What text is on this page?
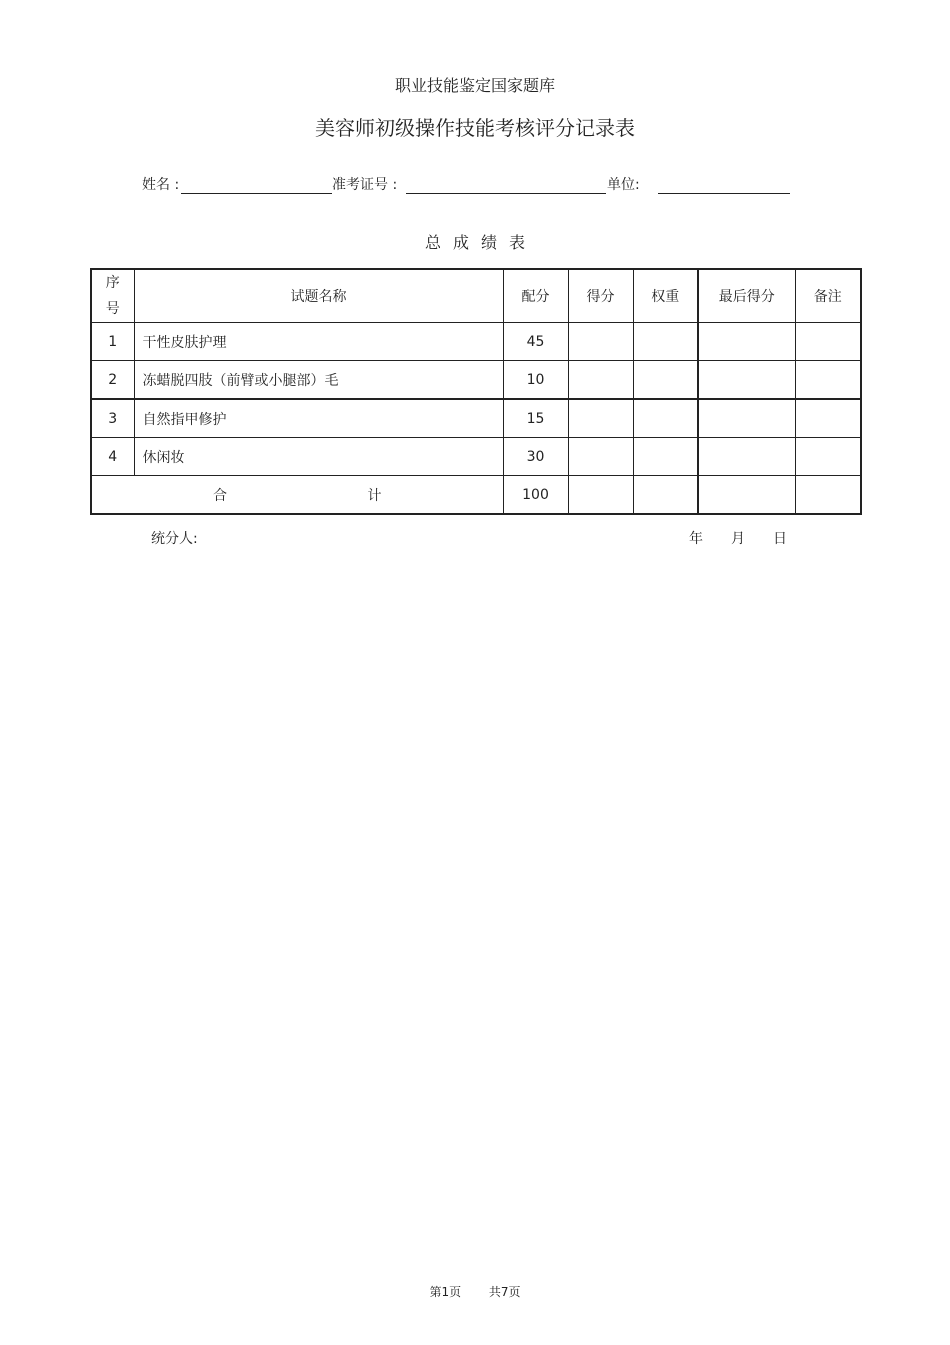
职业技能鉴定国家题库
美容师初级操作技能考核评分记录表
姓名 :	准考证号 :	单位:
总成绩表
序
号	试题名称	配分	得分	权重	最后得分	备注
1	干性皮肤护理	45				
2	冻蜡脱四肢（前臂或小腿部）毛	10				
3	自然指甲修护	15				
4	休闲妆	30				
合 计		100				
统分人:	年 月 日
第1页 共7页
